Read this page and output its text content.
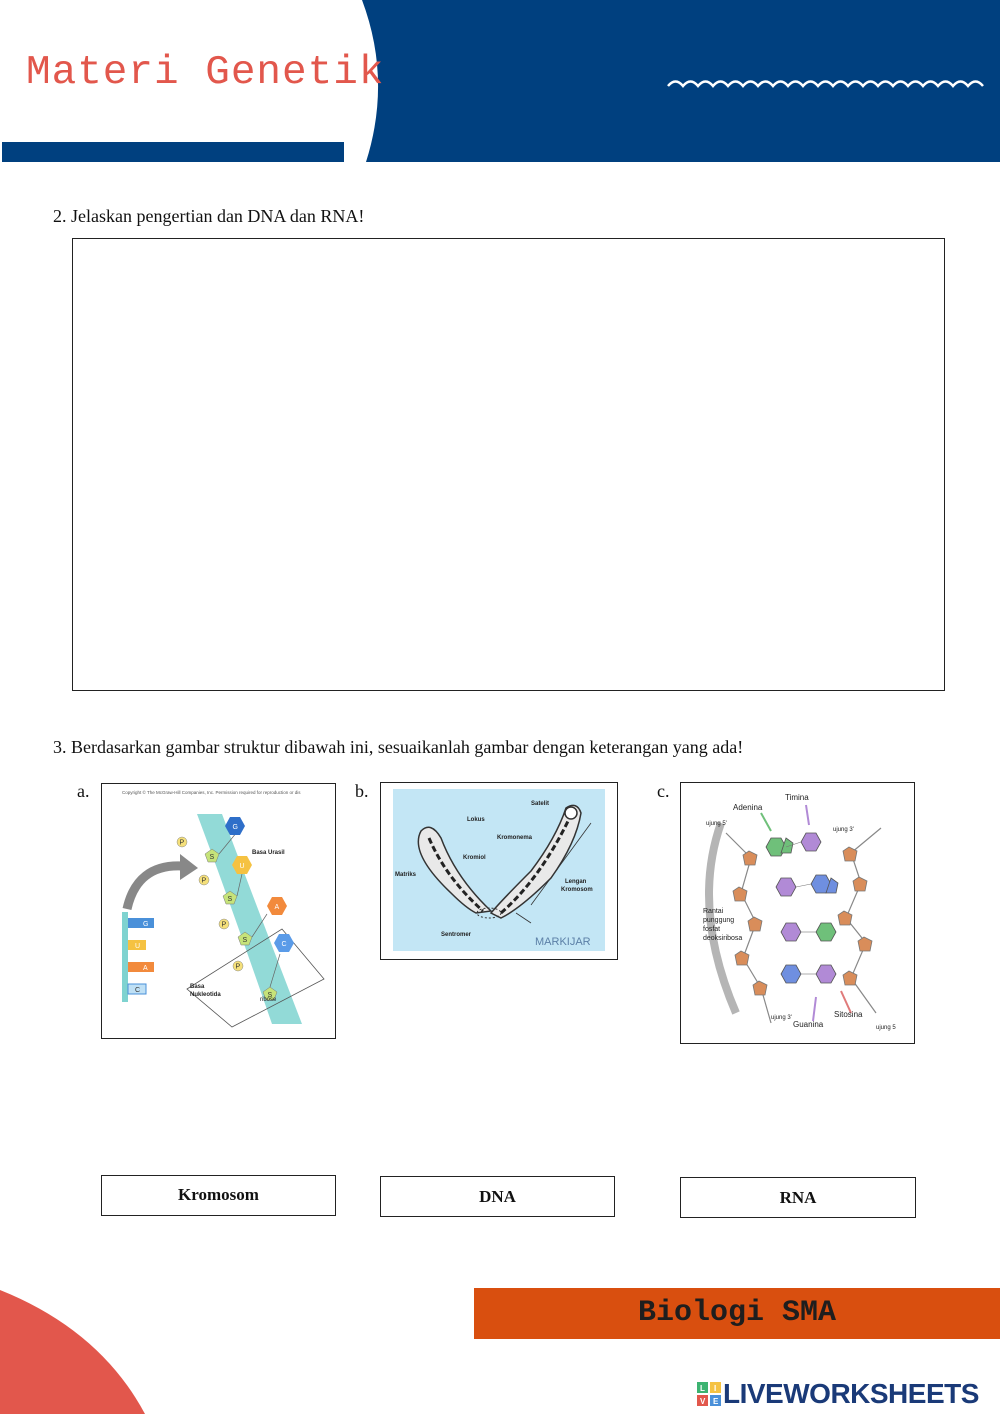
Materi Genetik
2. Jelaskan pengertian dan DNA dan RNA!
3. Berdasarkan gambar struktur dibawah ini, sesuaikanlah gambar dengan keterangan yang ada!
a.	Copyright © The McGraw-Hill Companies, Inc. Permission required for reproduction or dis
G
U
A
C
P
S
P
S
P
S
P
S
G
U
A
C
Basa Urasil
Basa
Nukleotida
ribose
b.
Satelit
Lokus
Kromonema
Kromiol
Matriks
Lengan
Kromosom
Sentromer
MARKIJAR
c.
Adenina
Timina
ujung 5'
ujung 3'
Rantai
punggung
fosfat
deoksiribosa
Sitosina
Guanina
ujung 3'
ujung 5
Kromosom	DNA	RNA
Biologi SMA
L I
V E LIVEWORKSHEETS
